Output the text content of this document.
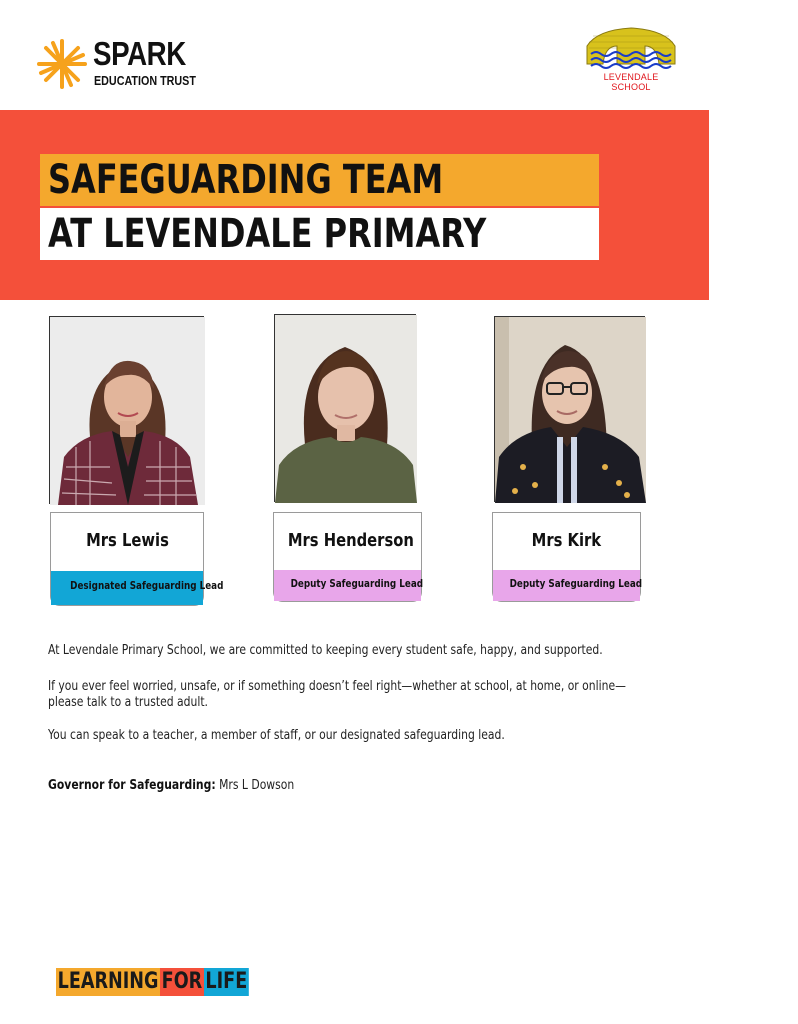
SPARK
EDUCATION TRUST	LEVENDALE SCHOOL
SAFEGUARDING TEAM
AT LEVENDALE PRIMARY
Mrs Lewis
Designated Safeguarding Lead
Mrs Henderson
Deputy Safeguarding Lead
Mrs Kirk
Deputy Safeguarding Lead
At Levendale Primary School, we are committed to keeping every student safe, happy, and supported.
If you ever feel worried, unsafe, or if something doesn’t feel right—whether at school, at home, or online—please talk to a trusted adult.
You can speak to a teacher, a member of staff, or our designated safeguarding lead.
Governor for Safeguarding: Mrs L Dowson
LEARNING FOR LIFE
